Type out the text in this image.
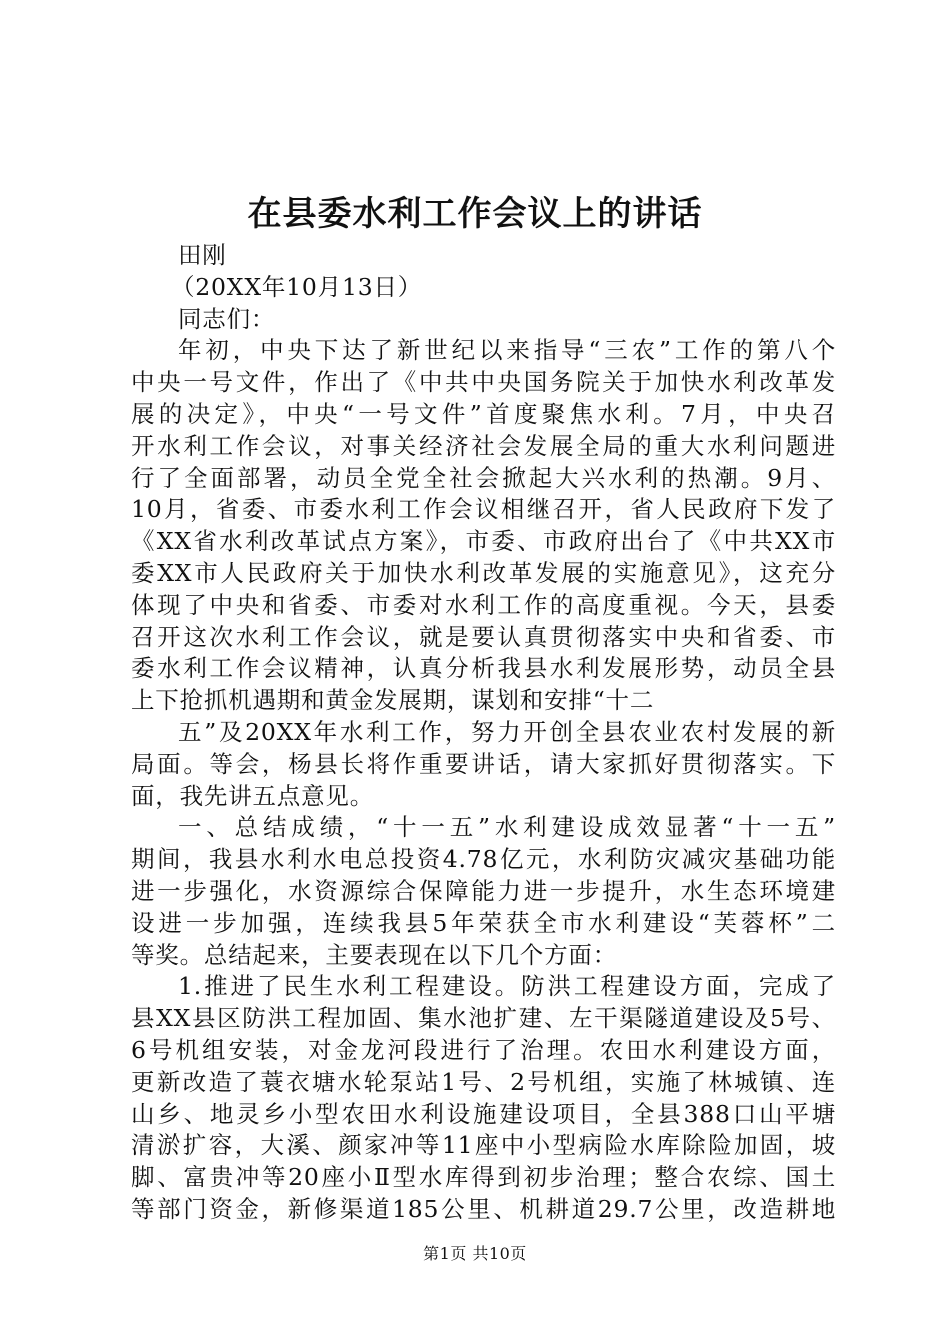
在县委水利工作会议上的讲话
田刚
（20XX年10月13日）
同志们：
年初，中央下达了新世纪以来指导“三农”工作的第八个
中央一号文件，作出了《中共中央国务院关于加快水利改革发
展的决定》，中央“一号文件”首度聚焦水利。7月，中央召
开水利工作会议，对事关经济社会发展全局的重大水利问题进
行了全面部署，动员全党全社会掀起大兴水利的热潮。9月、
10月，省委、市委水利工作会议相继召开，省人民政府下发了
《XX省水利改革试点方案》，市委、市政府出台了《中共XX市
委XX市人民政府关于加快水利改革发展的实施意见》，这充分
体现了中央和省委、市委对水利工作的高度重视。今天，县委
召开这次水利工作会议，就是要认真贯彻落实中央和省委、市
委水利工作会议精神，认真分析我县水利发展形势，动员全县
上下抢抓机遇期和黄金发展期，谋划和安排“十二
五”及20XX年水利工作，努力开创全县农业农村发展的新
局面。等会，杨县长将作重要讲话，请大家抓好贯彻落实。下
面，我先讲五点意见。
一、总结成绩，“十一五”水利建设成效显著“十一五”
期间，我县水利水电总投资4.78亿元，水利防灾减灾基础功能
进一步强化，水资源综合保障能力进一步提升，水生态环境建
设进一步加强，连续我县5年荣获全市水利建设“芙蓉杯”二
等奖。总结起来，主要表现在以下几个方面：
1.推进了民生水利工程建设。防洪工程建设方面，完成了
县XX县区防洪工程加固、集水池扩建、左干渠隧道建设及5号、
6号机组安装，对金龙河段进行了治理。农田水利建设方面，
更新改造了蓑衣塘水轮泵站1号、2号机组，实施了林城镇、连
山乡、地灵乡小型农田水利设施建设项目，全县388口山平塘
清淤扩容，大溪、颜家冲等11座中小型病险水库除险加固，坡
脚、富贵冲等20座小Ⅱ型水库得到初步治理；整合农综、国土
等部门资金，新修渠道185公里、机耕道29.7公里，改造耕地
第1页 共10页
